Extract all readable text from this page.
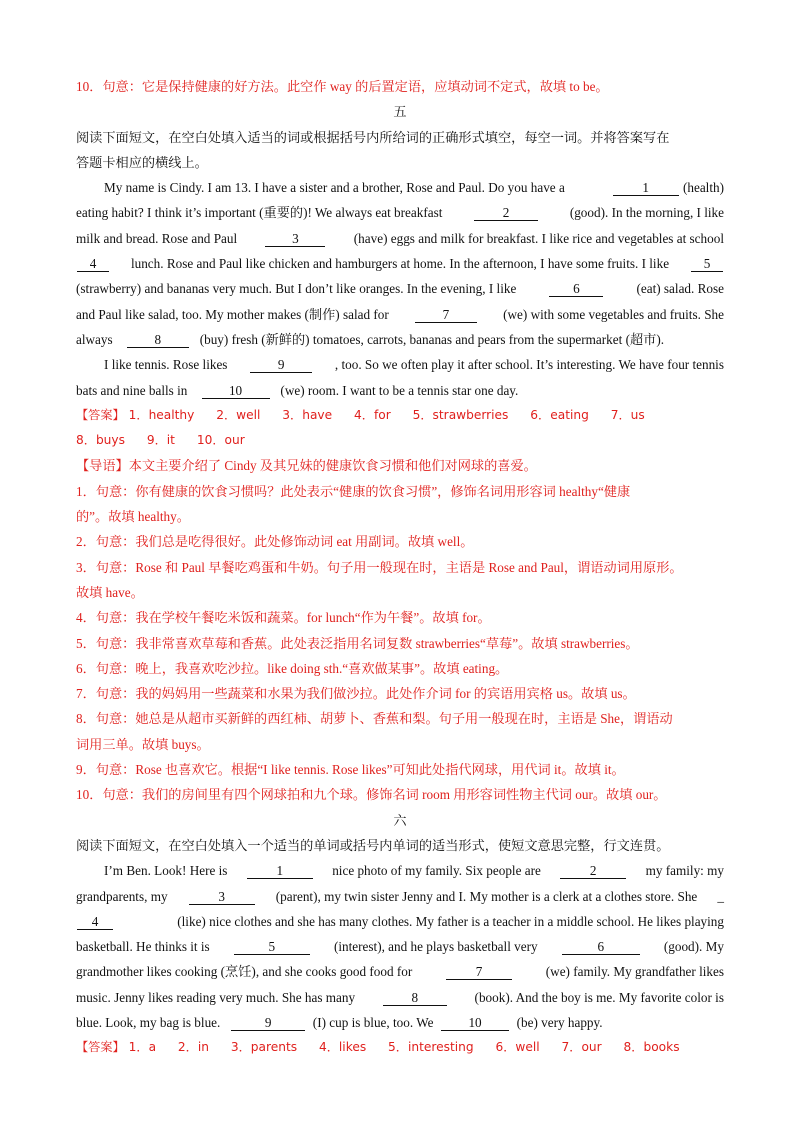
10．句意：它是保持健康的好方法。此空作 way 的后置定语，应填动词不定式，故填 to be。

五

阅读下面短文，在空白处填入适当的词或根据括号内所给词的正确形式填空，每空一词。并将答案写在

答题卡相应的横线上。

My name is Cindy. I am 13. I have a sister and a brother, Rose and Paul. Do you have a	1	(health)
eating habit? I think it’s important (重要的)! We always eat breakfast	2	(good). In the morning, I like
milk and bread. Rose and Paul	3	(have) eggs and milk for breakfast. I like rice and vegetables at school
4	lunch. Rose and Paul like chicken and hamburgers at home. In the afternoon, I have some fruits. I like	5
(strawberry) and bananas very much. But I don’t like oranges. In the evening, I like	6	(eat) salad. Rose
and Paul like salad, too. My mother makes (制作) salad for	7	(we) with some vegetables and fruits. She
always	8	(buy) fresh (新鲜的) tomatoes, carrots, bananas and pears from the supermarket (超市).
I like tennis. Rose likes	9	, too. So we often play it after school. It’s interesting. We have four tennis
bats and nine balls in	10	(we) room. I want to be a tennis star one day.
【答案】 1．healthy 2．well 3．have 4．for 5．strawberries 6．eating 7．us
8．buys 9．it 10．our

【导语】本文主要介绍了 Cindy 及其兄妹的健康饮食习惯和他们对网球的喜爱。

1．句意：你有健康的饮食习惯吗？此处表示“健康的饮食习惯”，修饰名词用形容词 healthy“健康

的”。故填 healthy。

2．句意：我们总是吃得很好。此处修饰动词 eat 用副词。故填 well。

3．句意：Rose 和 Paul 早餐吃鸡蛋和牛奶。句子用一般现在时，主语是 Rose and Paul，谓语动词用原形。

故填 have。

4．句意：我在学校午餐吃米饭和蔬菜。for lunch“作为午餐”。故填 for。

5．句意：我非常喜欢草莓和香蕉。此处表泛指用名词复数 strawberries“草莓”。故填 strawberries。

6．句意：晚上，我喜欢吃沙拉。like doing sth.“喜欢做某事”。故填 eating。

7．句意：我的妈妈用一些蔬菜和水果为我们做沙拉。此处作介词 for 的宾语用宾格 us。故填 us。

8．句意：她总是从超市买新鲜的西红柿、胡萝卜、香蕉和梨。句子用一般现在时，主语是 She，谓语动

词用三单。故填 buys。

9．句意：Rose 也喜欢它。根据“I like tennis. Rose likes”可知此处指代网球，用代词 it。故填 it。

10．句意：我们的房间里有四个网球拍和九个球。修饰名词 room 用形容词性物主代词 our。故填 our。

六

阅读下面短文，在空白处填入一个适当的单词或括号内单词的适当形式，使短文意思完整，行文连贯。

I’m Ben. Look! Here is	1	nice photo of my family. Six people are	2	my family: my
grandparents, my	3	(parent), my twin sister Jenny and I. My mother is a clerk at a clothes store. She _
4	(like) nice clothes and she has many clothes. My father is a teacher in a middle school. He likes playing
basketball. He thinks it is	5	(interest), and he plays basketball very	6	(good). My
grandmother likes cooking (烹饪), and she cooks good food for	7	(we) family. My grandfather likes
music. Jenny likes reading very much. She has many	8	(book). And the boy is me. My favorite color is
blue. Look, my bag is blue.	9	(I) cup is blue, too. We	10	(be) very happy.
【答案】 1．a 2．in 3．parents 4．likes 5．interesting 6．well 7．our 8．books
